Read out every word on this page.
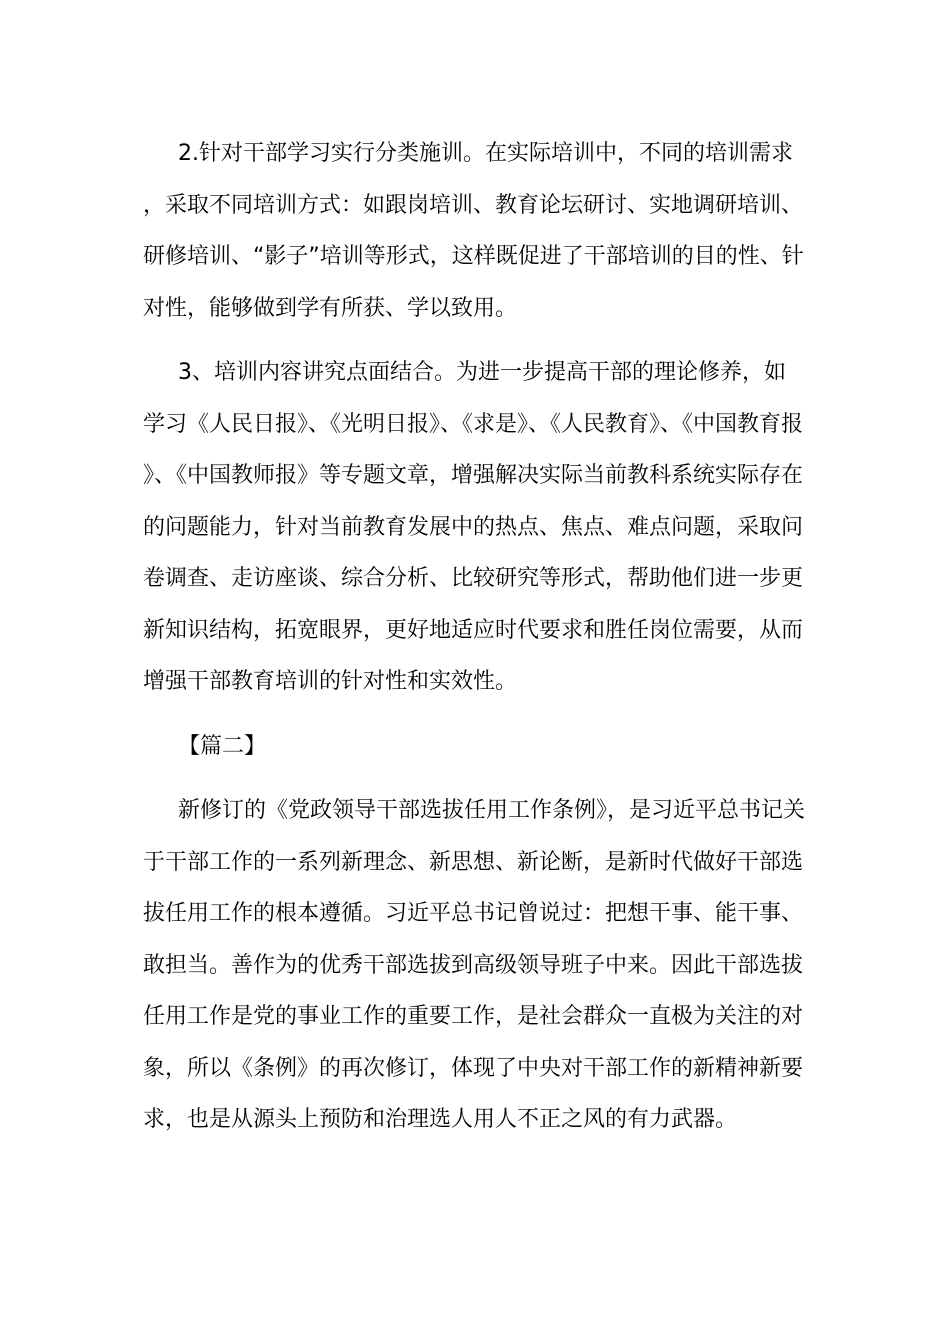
2.针对干部学习实行分类施训。在实际培训中，不同的培训需求，采取不同培训方式：如跟岗培训、教育论坛研讨、实地调研培训、研修培训、“影子”培训等形式，这样既促进了干部培训的目的性、针对性，能够做到学有所获、学以致用。

3、培训内容讲究点面结合。为进一步提高干部的理论修养，如学习《人民日报》、《光明日报》、《求是》、《人民教育》、《中国教育报》、《中国教师报》等专题文章，增强解决实际当前教科系统实际存在的问题能力，针对当前教育发展中的热点、焦点、难点问题，采取问卷调查、走访座谈、综合分析、比较研究等形式，帮助他们进一步更新知识结构，拓宽眼界，更好地适应时代要求和胜任岗位需要，从而增强干部教育培训的针对性和实效性。

【篇二】

新修订的《党政领导干部选拔任用工作条例》，是习近平总书记关于干部工作的一系列新理念、新思想、新论断，是新时代做好干部选拔任用工作的根本遵循。习近平总书记曾说过：把想干事、能干事、敢担当。善作为的优秀干部选拔到高级领导班子中来。因此干部选拔任用工作是党的事业工作的重要工作，是社会群众一直极为关注的对象，所以《条例》的再次修订，体现了中央对干部工作的新精神新要求，也是从源头上预防和治理选人用人不正之风的有力武器。
